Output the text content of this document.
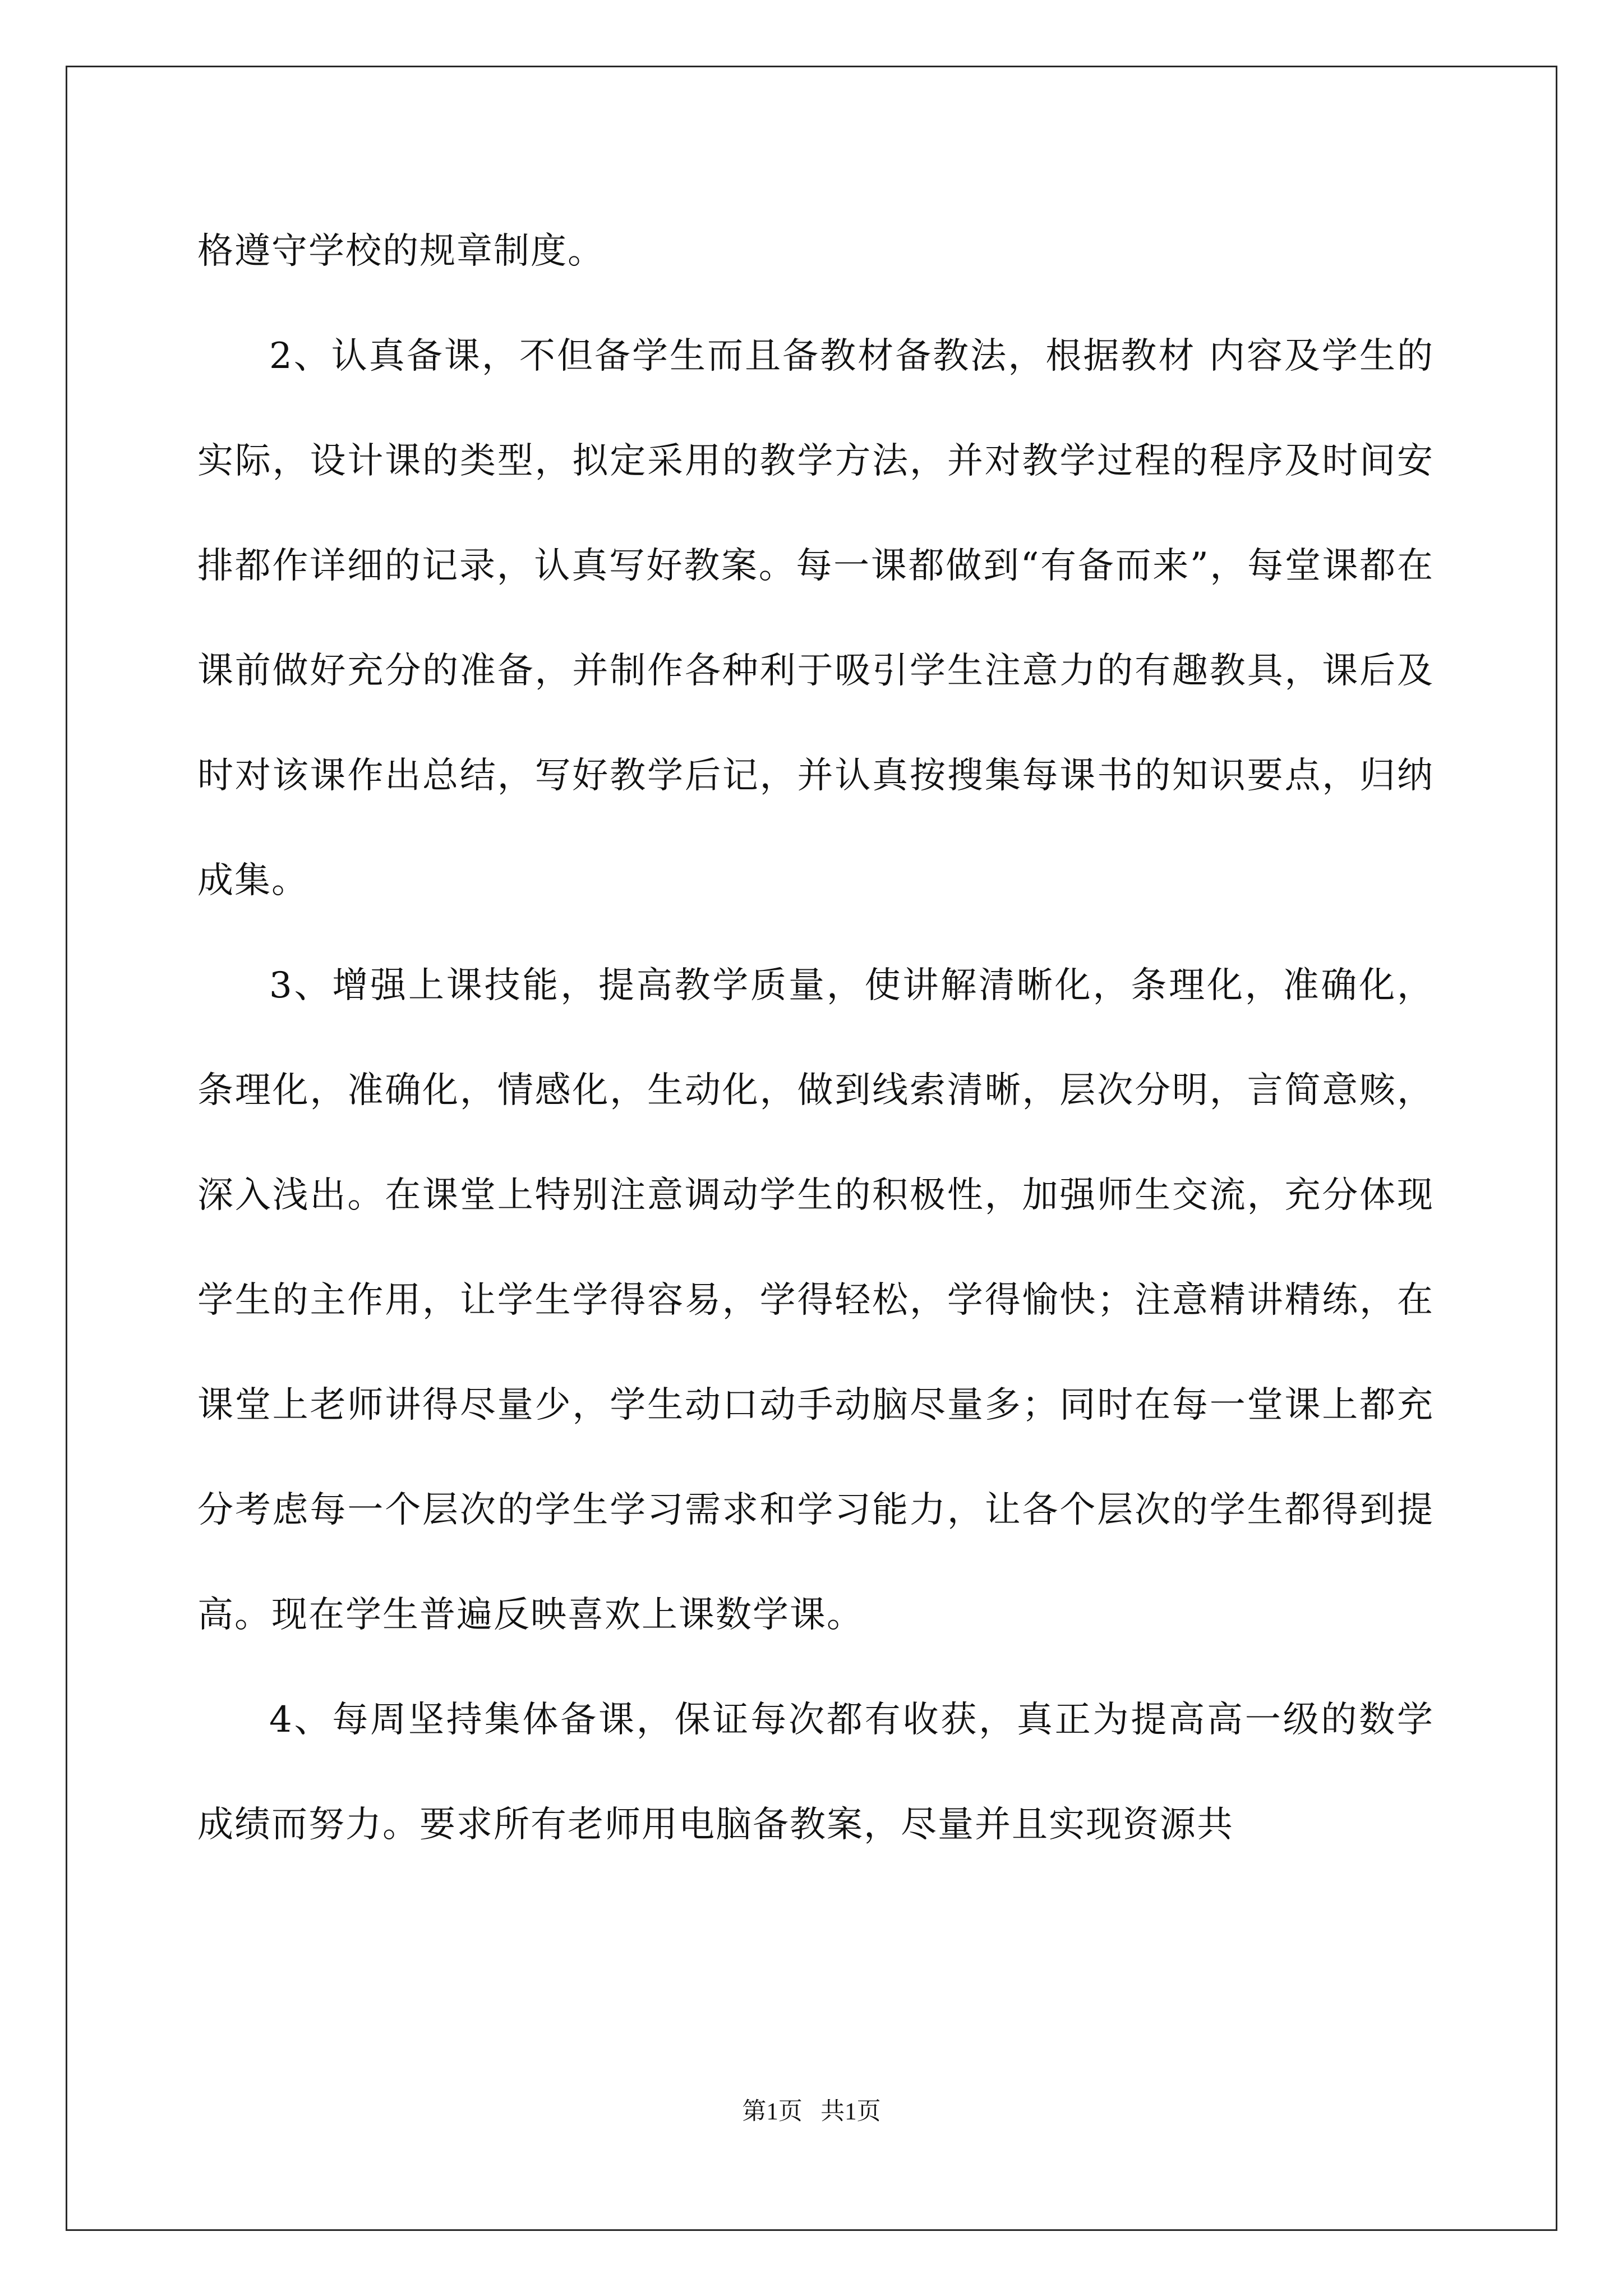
格遵守学校的规章制度。

2、认真备课，不但备学生而且备教材备教法，根据教材 内容及学生的实际，设计课的类型，拟定采用的教学方法，并对教学过程的程序及时间安排都作详细的记录，认真写好教案。每一课都做到“有备而来”，每堂课都在课前做好充分的准备，并制作各种利于吸引学生注意力的有趣教具，课后及时对该课作出总结，写好教学后记，并认真按搜集每课书的知识要点，归纳成集。

3、增强上课技能，提高教学质量，使讲解清晰化，条理化，准确化，条理化，准确化，情感化，生动化，做到线索清晰，层次分明，言简意赅，深入浅出。在课堂上特别注意调动学生的积极性，加强师生交流，充分体现学生的主作用，让学生学得容易，学得轻松，学得愉快；注意精讲精练，在课堂上老师讲得尽量少，学生动口动手动脑尽量多；同时在每一堂课上都充分考虑每一个层次的学生学习需求和学习能力，让各个层次的学生都得到提高。现在学生普遍反映喜欢上课数学课。

4、每周坚持集体备课，保证每次都有收获，真正为提高高一级的数学成绩而努力。要求所有老师用电脑备教案，尽量并且实现资源共

第1页   共1页
